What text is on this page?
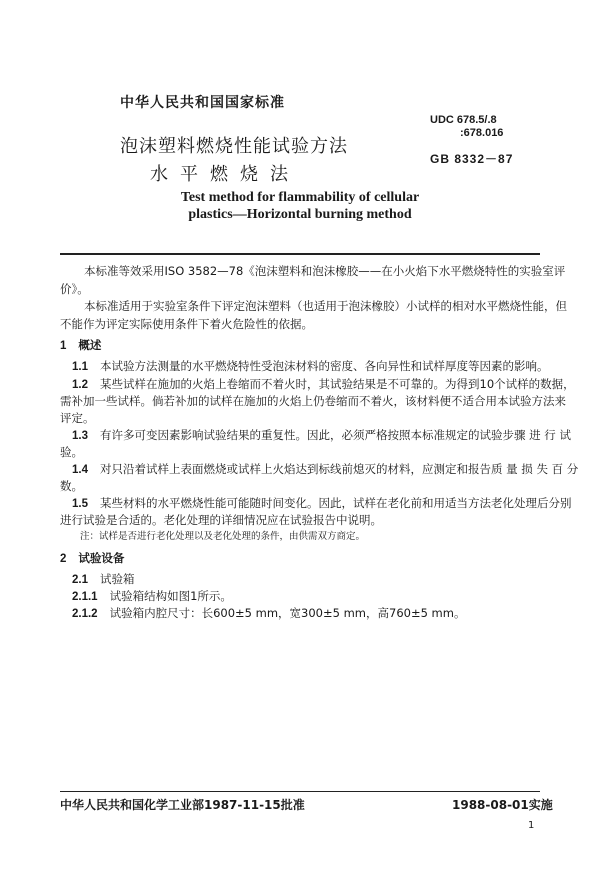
中华人民共和国国家标准
泡沫塑料燃烧性能试验方法
水平燃烧法
UDC 678.5/.8
:678.016
GB 8332－87
Test method for flammability of cellular
plastics—Horizontal burning method
本标准等效采用ISO 3582—78《泡沫塑料和泡沫橡胶——在小火焰下水平燃烧特性的实验室评
价》。
本标准适用于实验室条件下评定泡沫塑料（也适用于泡沫橡胶）小试样的相对水平燃烧性能，但
不能作为评定实际使用条件下着火危险性的依据。
1 概述
1.1 本试验方法测量的水平燃烧特性受泡沫材料的密度、各向异性和试样厚度等因素的影响。
1.2 某些试样在施加的火焰上卷缩而不着火时，其试验结果是不可靠的。为得到10个试样的数据，
需补加一些试样。倘若补加的试样在施加的火焰上仍卷缩而不着火，该材料便不适合用本试验方法来
评定。
1.3 有许多可变因素影响试验结果的重复性。因此，必须严格按照本标准规定的试验步骤 进 行 试
验。
1.4 对只沿着试样上表面燃烧或试样上火焰达到标线前熄灭的材料，应测定和报告质 量 损 失 百 分
数。
1.5 某些材料的水平燃烧性能可能随时间变化。因此，试样在老化前和用适当方法老化处理后分别
进行试验是合适的。老化处理的详细情况应在试验报告中说明。
注：试样是否进行老化处理以及老化处理的条件，由供需双方商定。
2 试验设备
2.1 试验箱
2.1.1 试验箱结构如图1所示。
2.1.2 试验箱内腔尺寸：长600±5 mm，宽300±5 mm，高760±5 mm。
中华人民共和国化学工业部1987-11-15批准	1988-08-01实施
1
